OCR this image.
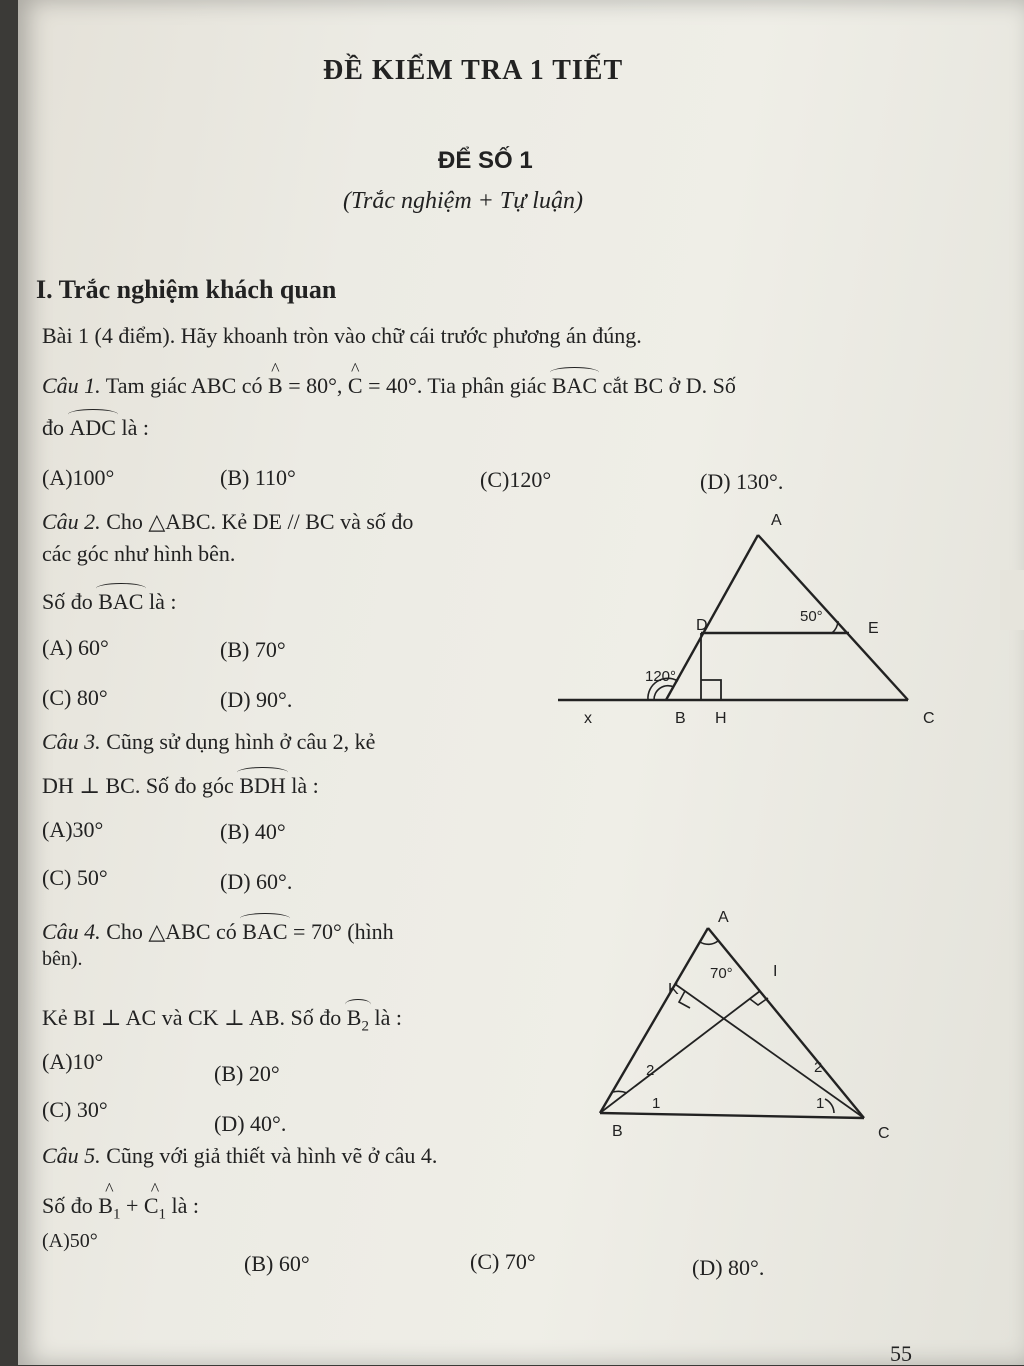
ĐỀ KIỂM TRA 1 TIẾT
ĐỂ SỐ 1
(Trắc nghiệm + Tự luận)
I. Trắc nghiệm khách quan
Bài 1 (4 điểm). Hãy khoanh tròn vào chữ cái trước phương án đúng.
Câu 1. Tam giác ABC có ^ B = 80°, ^ C = 40°. Tia phân giác BAC cắt BC ở D. Số
đo ADC là :
(A)100°	(B) 110°	(C)120°	(D) 130°.
Câu 2. Cho △ABC. Kẻ DE // BC và số đo
các góc như hình bên.
Số đo BAC là :
(A) 60°	(B) 70°
(C) 80°	(D) 90°.
Câu 3. Cũng sử dụng hình ở câu 2, kẻ
DH ⊥ BC. Số đo góc BDH là :
(A)30°	(B) 40°
(C) 50°	(D) 60°.
Câu 4. Cho △ABC có BAC = 70° (hình
bên).
Kẻ BI ⊥ AC và CK ⊥ AB. Số đo $B_2$ là :
(A)10°	(B) 20°
(C) 30°
(D) 40°.
Câu 5. Cũng với giả thiết và hình vẽ ở câu 4.
Số đo ^ $B_1$ + ^ $C_1$ là :
(A)50°
(B) 60°	(C) 70°	(D) 80°.
A
D	E
B H	C
x
50°
120°
A
K
I
B	C
70°
2
1
2
1
55
